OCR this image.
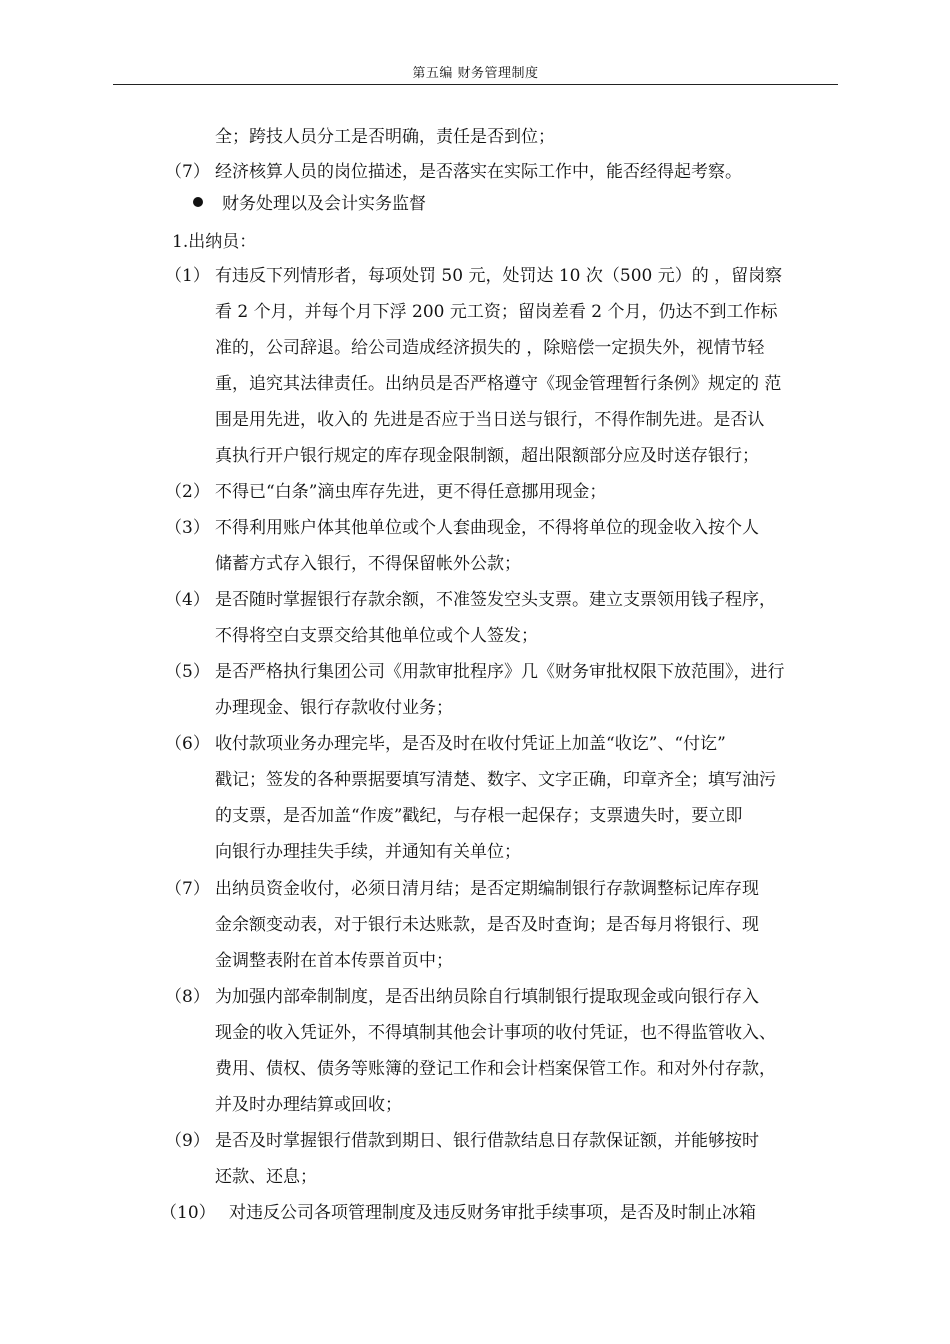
第五编 财务管理制度
全；跨技人员分工是否明确，责任是否到位；
（7） 经济核算人员的岗位描述，是否落实在实际工作中，能否经得起考察。
财务处理以及会计实务监督
1.出纳员：
（1） 有违反下列情形者，每项处罚 50 元，处罚达 10 次（500 元）的 ，留岗察
看 2 个月，并每个月下浮 200 元工资；留岗差看 2 个月，仍达不到工作标
准的，公司辞退。给公司造成经济损失的 ，除赔偿一定损失外，视情节轻
重，追究其法律责任。出纳员是否严格遵守《现金管理暂行条例》规定的 范
围是用先进，收入的 先进是否应于当日送与银行，不得作制先进。是否认
真执行开户银行规定的库存现金限制额，超出限额部分应及时送存银行；
（2） 不得已“白条”滴虫库存先进，更不得任意挪用现金；
（3） 不得利用账户体其他单位或个人套曲现金，不得将单位的现金收入按个人
储蓄方式存入银行，不得保留帐外公款；
（4） 是否随时掌握银行存款余额，不准签发空头支票。建立支票领用钱子程序，
不得将空白支票交给其他单位或个人签发；
（5） 是否严格执行集团公司《用款审批程序》几《财务审批权限下放范围》，进行
办理现金、银行存款收付业务；
（6） 收付款项业务办理完毕，是否及时在收付凭证上加盖“收讫”、“付讫”
戳记；签发的各种票据要填写清楚、数字、文字正确，印章齐全；填写油污
的支票，是否加盖“作废”戳纪，与存根一起保存；支票遗失时，要立即
向银行办理挂失手续，并通知有关单位；
（7） 出纳员资金收付，必须日清月结；是否定期编制银行存款调整标记库存现
金余额变动表，对于银行未达账款，是否及时查询；是否每月将银行、现
金调整表附在首本传票首页中；
（8） 为加强内部牵制制度，是否出纳员除自行填制银行提取现金或向银行存入
现金的收入凭证外，不得填制其他会计事项的收付凭证，也不得监管收入、
费用、债权、债务等账簿的登记工作和会计档案保管工作。和对外付存款，
并及时办理结算或回收；
（9） 是否及时掌握银行借款到期日、银行借款结息日存款保证额，并能够按时
还款、还息；
（10） 对违反公司各项管理制度及违反财务审批手续事项，是否及时制止冰箱
